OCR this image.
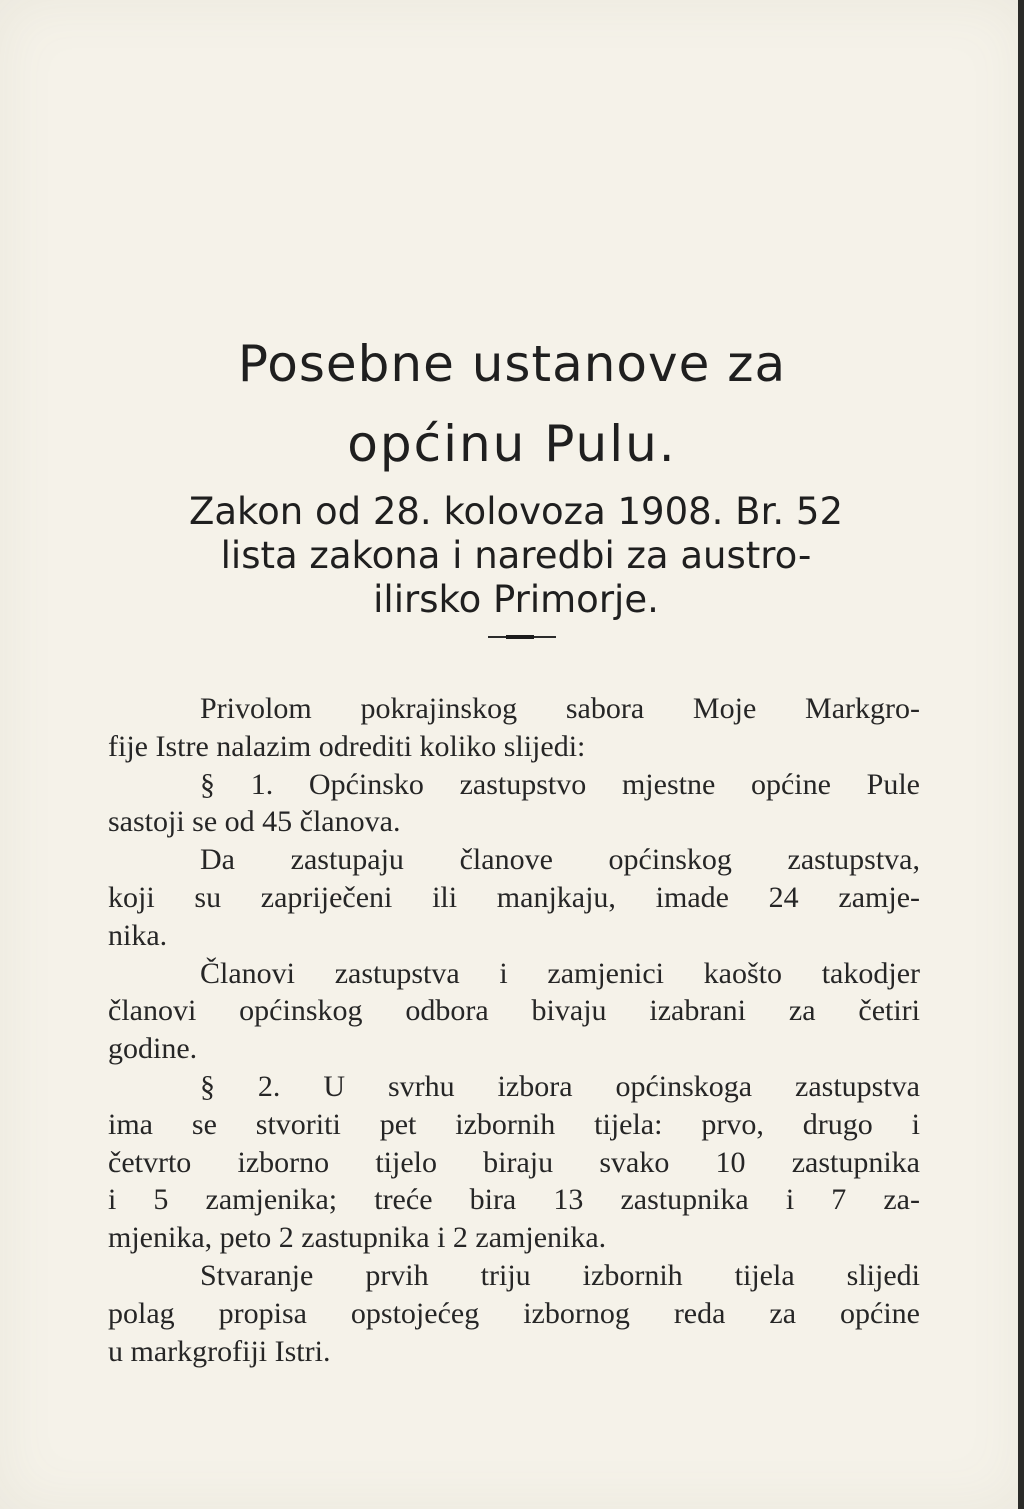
Posebne ustanove za
općinu Pulu.

Zakon od 28. kolovoza 1908. Br. 52

lista zakona i naredbi za austro-

ilirsko Primorje.

Privolom pokrajinskog sabora Moje Markgro-
fije Istre nalazim odrediti koliko slijedi:
§ 1. Općinsko zastupstvo mjestne općine Pule
sastoji se od 45 članova.
Da zastupaju članove općinskog zastupstva,
koji su zapriječeni ili manjkaju, imade 24 zamje-
nika.
Članovi zastupstva i zamjenici kaošto takodjer
članovi općinskog odbora bivaju izabrani za četiri
godine.
§ 2. U svrhu izbora općinskoga zastupstva
ima se stvoriti pet izbornih tijela: prvo, drugo i
četvrto izborno tijelo biraju svako 10 zastupnika
i 5 zamjenika; treće bira 13 zastupnika i 7 za-
mjenika, peto 2 zastupnika i 2 zamjenika.
Stvaranje prvih triju izbornih tijela slijedi
polag propisa opstojećeg izbornog reda za općine
u markgrofiji Istri.
